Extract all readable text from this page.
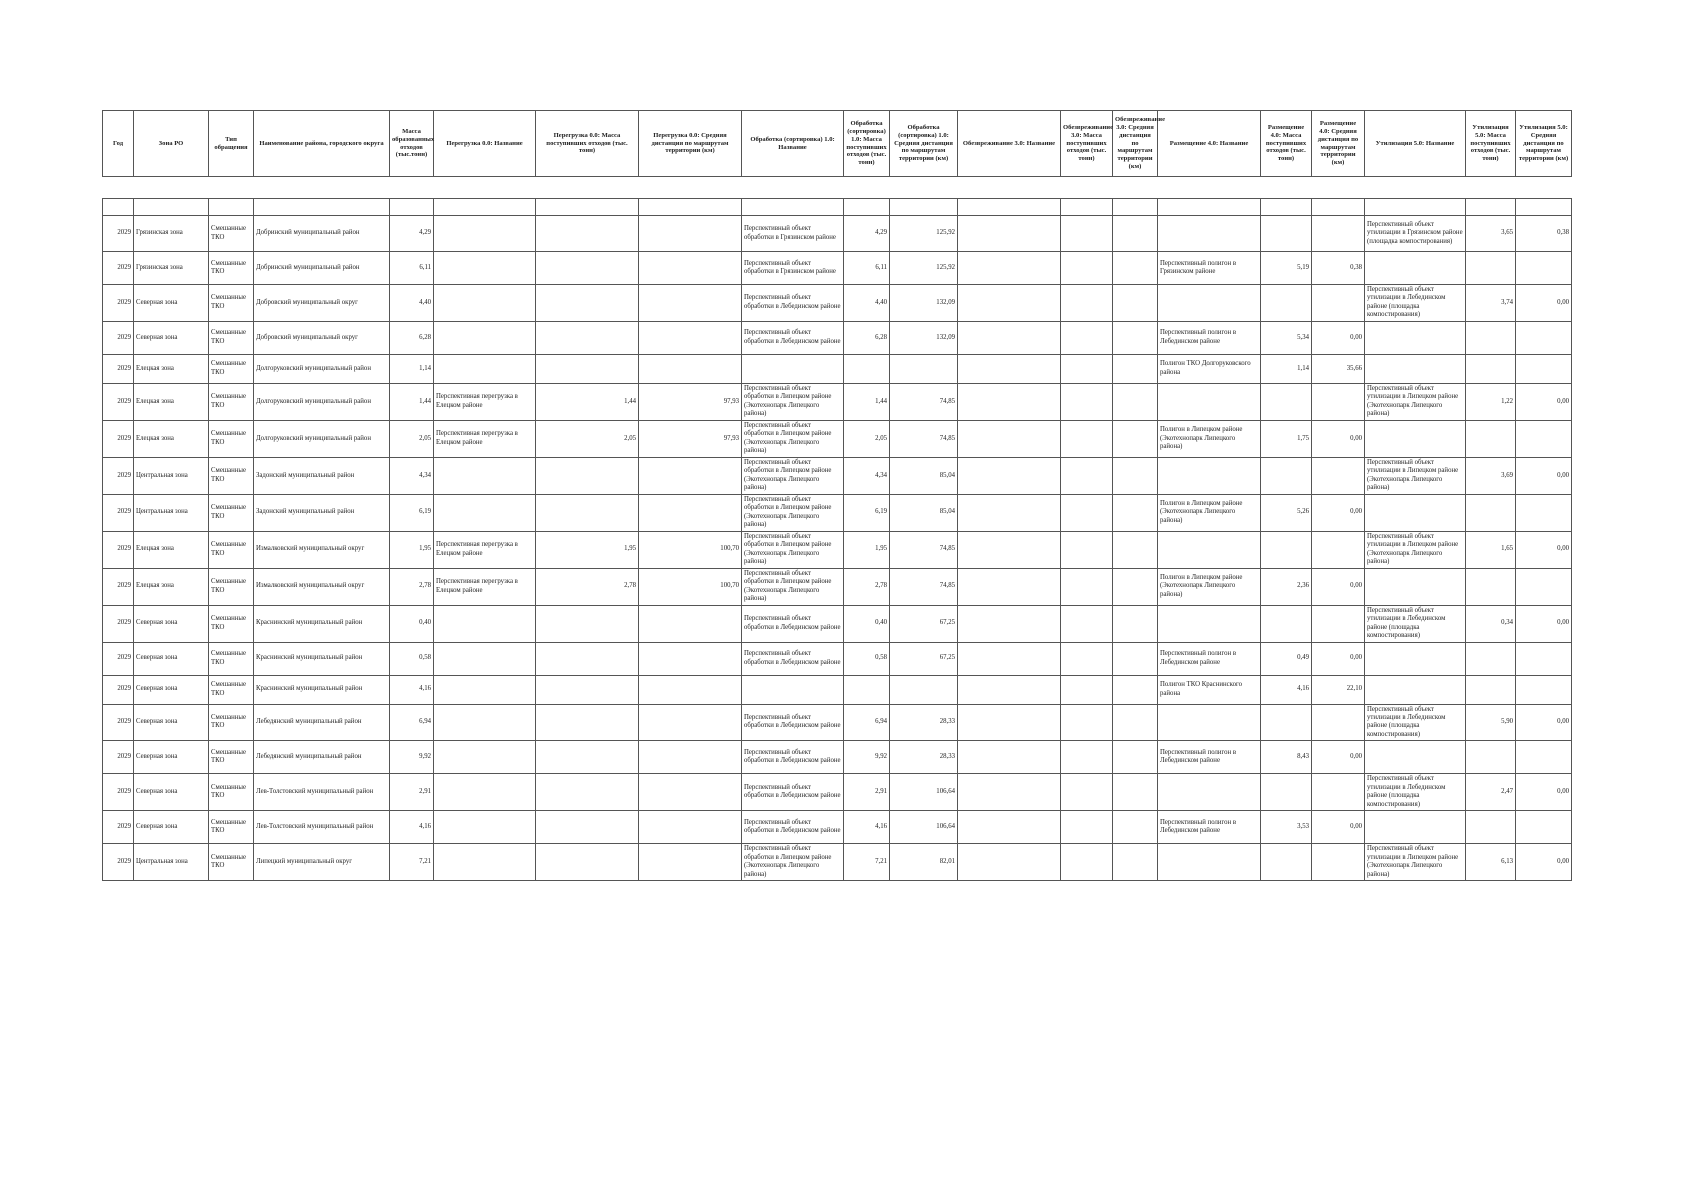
Год	Зона РО	Тип обращения	Наименование района, городского округа	Масса образованных отходов (тыс.тонн)	Перегрузка 0.0: Название	Перегрузка 0.0: Масса поступивших отходов (тыс. тонн)	Перегрузка 0.0: Средняя дистанция по маршрутам территории (км)	Обработка (сортировка) 1.0: Название	Обработка (сортировка) 1.0: Масса поступивших отходов (тыс. тонн)	Обработка (сортировка) 1.0: Средняя дистанция по маршрутам территории (км)	Обезвреживание 3.0: Название	Обезвреживание 3.0: Масса поступивших отходов (тыс. тонн)	Обезвреживание 3.0: Средняя дистанция по маршрутам территории (км)	Размещение 4.0: Название	Размещение 4.0: Масса поступивших отходов (тыс. тонн)	Размещение 4.0: Средняя дистанция по маршрутам территории (км)	Утилизация 5.0: Название	Утилизация 5.0: Масса поступивших отходов (тыс. тонн)	Утилизация 5.0: Средняя дистанция по маршрутам территории (км)

2029	Грязинская зона	Смешанные ТКО	Добринский муниципальный район	4,29				Перспективный объект обработки в Грязинском районе	4,29	125,92							Перспективный объект утилизации в Грязинском районе (площадка компостирования)	3,65	0,38
2029	Грязинская зона	Смешанные ТКО	Добринский муниципальный район	6,11				Перспективный объект обработки в Грязинском районе	6,11	125,92				Перспективный полигон в Грязинском районе	5,19	0,38			
2029	Северная зона	Смешанные ТКО	Добровский муниципальный округ	4,40				Перспективный объект обработки в Лебединском районе	4,40	132,09							Перспективный объект утилизации в Лебединском районе (площадка компостирования)	3,74	0,00
2029	Северная зона	Смешанные ТКО	Добровский муниципальный округ	6,28				Перспективный объект обработки в Лебединском районе	6,28	132,09				Перспективный полигон в Лебединском районе	5,34	0,00			
2029	Елецкая зона	Смешанные ТКО	Долгоруковский муниципальный район	1,14										Полигон ТКО Долгоруковского района	1,14	35,66			
2029	Елецкая зона	Смешанные ТКО	Долгоруковский муниципальный район	1,44	Перспективная перегрузка в Елецком районе	1,44	97,93	Перспективный объект обработки в Липецком районе (Экотехнопарк Липецкого района)	1,44	74,85							Перспективный объект утилизации в Липецком районе (Экотехнопарк Липецкого района)	1,22	0,00
2029	Елецкая зона	Смешанные ТКО	Долгоруковский муниципальный район	2,05	Перспективная перегрузка в Елецком районе	2,05	97,93	Перспективный объект обработки в Липецком районе (Экотехнопарк Липецкого района)	2,05	74,85				Полигон в Липецком районе (Экотехнопарк Липецкого района)	1,75	0,00			
2029	Центральная зона	Смешанные ТКО	Задонский муниципальный район	4,34				Перспективный объект обработки в Липецком районе (Экотехнопарк Липецкого района)	4,34	85,04							Перспективный объект утилизации в Липецком районе (Экотехнопарк Липецкого района)	3,69	0,00
2029	Центральная зона	Смешанные ТКО	Задонский муниципальный район	6,19				Перспективный объект обработки в Липецком районе (Экотехнопарк Липецкого района)	6,19	85,04				Полигон в Липецком районе (Экотехнопарк Липецкого района)	5,26	0,00			
2029	Елецкая зона	Смешанные ТКО	Измалковский муниципальный округ	1,95	Перспективная перегрузка в Елецком районе	1,95	100,70	Перспективный объект обработки в Липецком районе (Экотехнопарк Липецкого района)	1,95	74,85							Перспективный объект утилизации в Липецком районе (Экотехнопарк Липецкого района)	1,65	0,00
2029	Елецкая зона	Смешанные ТКО	Измалковский муниципальный округ	2,78	Перспективная перегрузка в Елецком районе	2,78	100,70	Перспективный объект обработки в Липецком районе (Экотехнопарк Липецкого района)	2,78	74,85				Полигон в Липецком районе (Экотехнопарк Липецкого района)	2,36	0,00			
2029	Северная зона	Смешанные ТКО	Краснинский муниципальный район	0,40				Перспективный объект обработки в Лебединском районе	0,40	67,25							Перспективный объект утилизации в Лебединском районе (площадка компостирования)	0,34	0,00
2029	Северная зона	Смешанные ТКО	Краснинский муниципальный район	0,58				Перспективный объект обработки в Лебединском районе	0,58	67,25				Перспективный полигон в Лебединском районе	0,49	0,00			
2029	Северная зона	Смешанные ТКО	Краснинский муниципальный район	4,16										Полигон ТКО Краснинского района	4,16	22,10			
2029	Северная зона	Смешанные ТКО	Лебедянский муниципальный район	6,94				Перспективный объект обработки в Лебединском районе	6,94	28,33							Перспективный объект утилизации в Лебединском районе (площадка компостирования)	5,90	0,00
2029	Северная зона	Смешанные ТКО	Лебедянский муниципальный район	9,92				Перспективный объект обработки в Лебединском районе	9,92	28,33				Перспективный полигон в Лебединском районе	8,43	0,00			
2029	Северная зона	Смешанные ТКО	Лев-Толстовский муниципальный район	2,91				Перспективный объект обработки в Лебединском районе	2,91	106,64							Перспективный объект утилизации в Лебединском районе (площадка компостирования)	2,47	0,00
2029	Северная зона	Смешанные ТКО	Лев-Толстовский муниципальный район	4,16				Перспективный объект обработки в Лебединском районе	4,16	106,64				Перспективный полигон в Лебединском районе	3,53	0,00			
2029	Центральная зона	Смешанные ТКО	Липецкий муниципальный округ	7,21				Перспективный объект обработки в Липецком районе (Экотехнопарк Липецкого района)	7,21	82,01							Перспективный объект утилизации в Липецком районе (Экотехнопарк Липецкого района)	6,13	0,00
